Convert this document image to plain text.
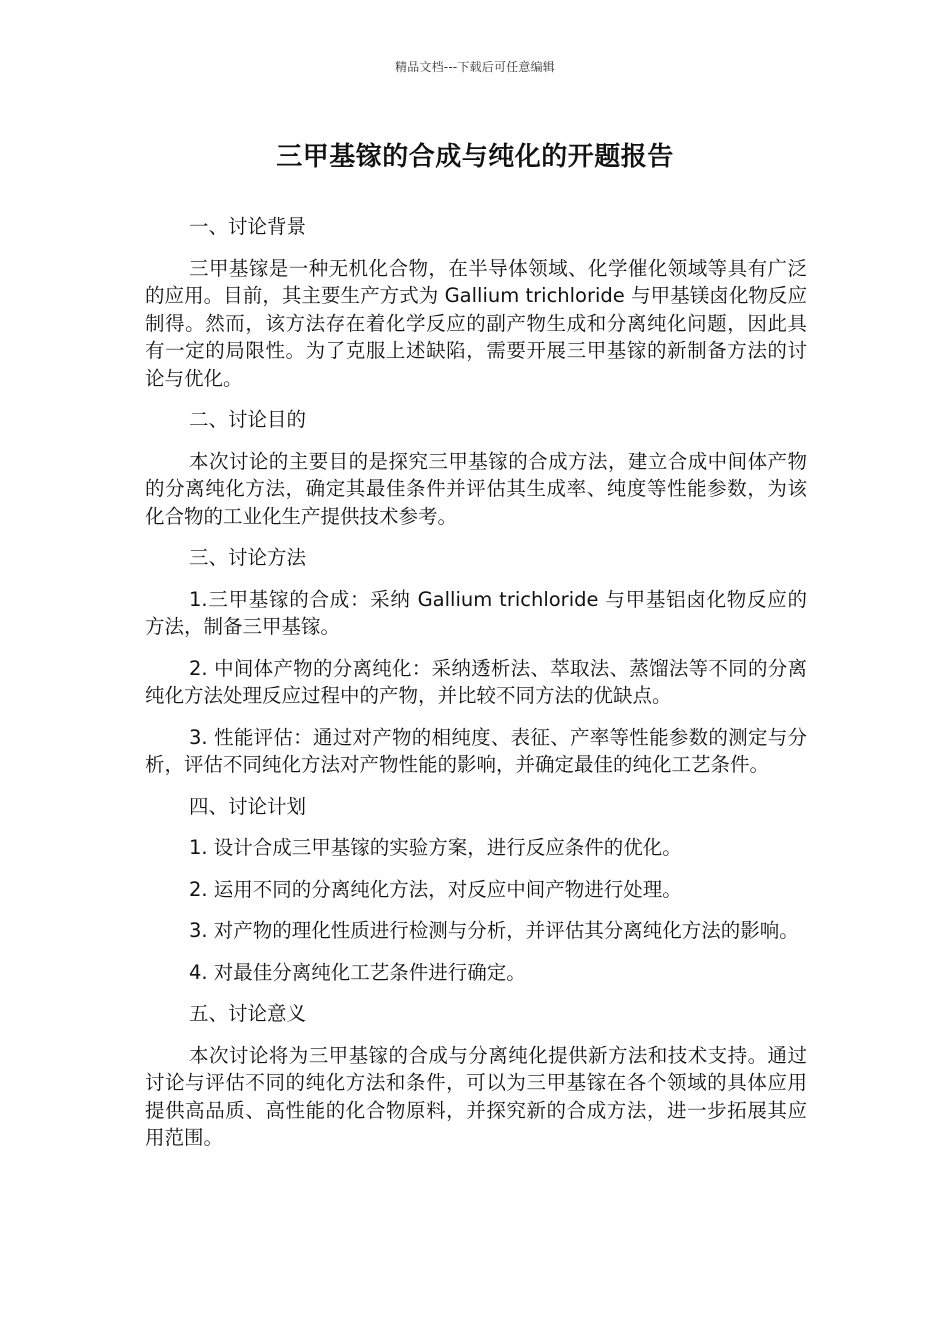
精品文档---下载后可任意编辑
三甲基镓的合成与纯化的开题报告

一、讨论背景

三甲基镓是一种无机化合物，在半导体领域、化学催化领域等具有广泛的应用。目前，其主要生产方式为 Gallium trichloride 与甲基镁卤化物反应制得。然而，该方法存在着化学反应的副产物生成和分离纯化问题，因此具有一定的局限性。为了克服上述缺陷，需要开展三甲基镓的新制备方法的讨论与优化。

二、讨论目的

本次讨论的主要目的是探究三甲基镓的合成方法，建立合成中间体产物的分离纯化方法，确定其最佳条件并评估其生成率、纯度等性能参数，为该化合物的工业化生产提供技术参考。

三、讨论方法

1.三甲基镓的合成：采纳 Gallium trichloride 与甲基铝卤化物反应的方法，制备三甲基镓。

2. 中间体产物的分离纯化：采纳透析法、萃取法、蒸馏法等不同的分离纯化方法处理反应过程中的产物，并比较不同方法的优缺点。

3. 性能评估：通过对产物的相纯度、表征、产率等性能参数的测定与分析，评估不同纯化方法对产物性能的影响，并确定最佳的纯化工艺条件。

四、讨论计划

1. 设计合成三甲基镓的实验方案，进行反应条件的优化。

2. 运用不同的分离纯化方法，对反应中间产物进行处理。

3. 对产物的理化性质进行检测与分析，并评估其分离纯化方法的影响。

4. 对最佳分离纯化工艺条件进行确定。

五、讨论意义

本次讨论将为三甲基镓的合成与分离纯化提供新方法和技术支持。通过讨论与评估不同的纯化方法和条件，可以为三甲基镓在各个领域的具体应用提供高品质、高性能的化合物原料，并探究新的合成方法，进一步拓展其应用范围。
